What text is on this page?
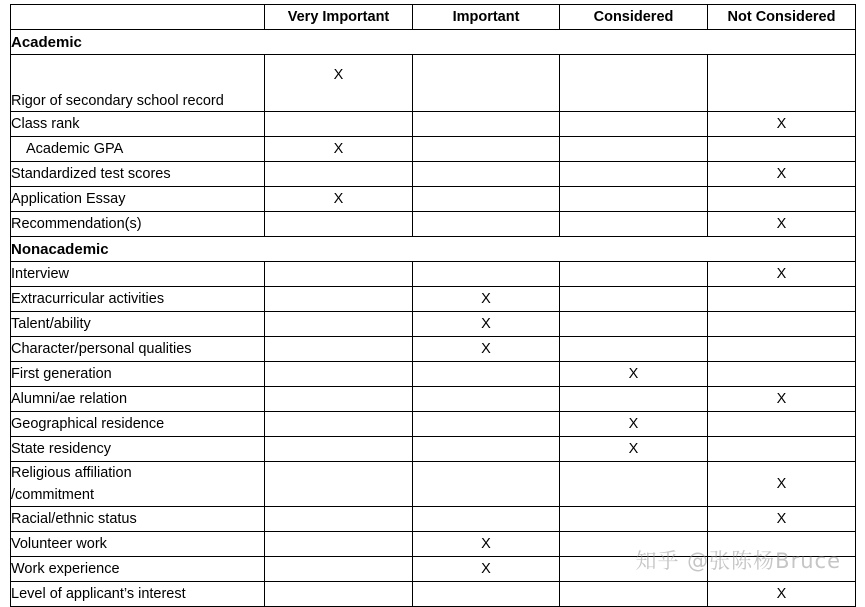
	Very Important	Important	Considered	Not Considered
Academic				
Rigor of secondary school record	X			
Class rank				X
Academic GPA	X			
Standardized test scores				X
Application Essay	X			
Recommendation(s)				X
Nonacademic				
Interview				X
Extracurricular activities		X		
Talent/ability		X		
Character/personal qualities		X		
First generation			X	
Alumni/ae relation				X
Geographical residence			X	
State residency			X	
Religious affiliation
/commitment				X
Racial/ethnic status				X
Volunteer work		X		
Work experience		X		
Level of applicant’s interest				X
知乎 @张陈杨Bruce
